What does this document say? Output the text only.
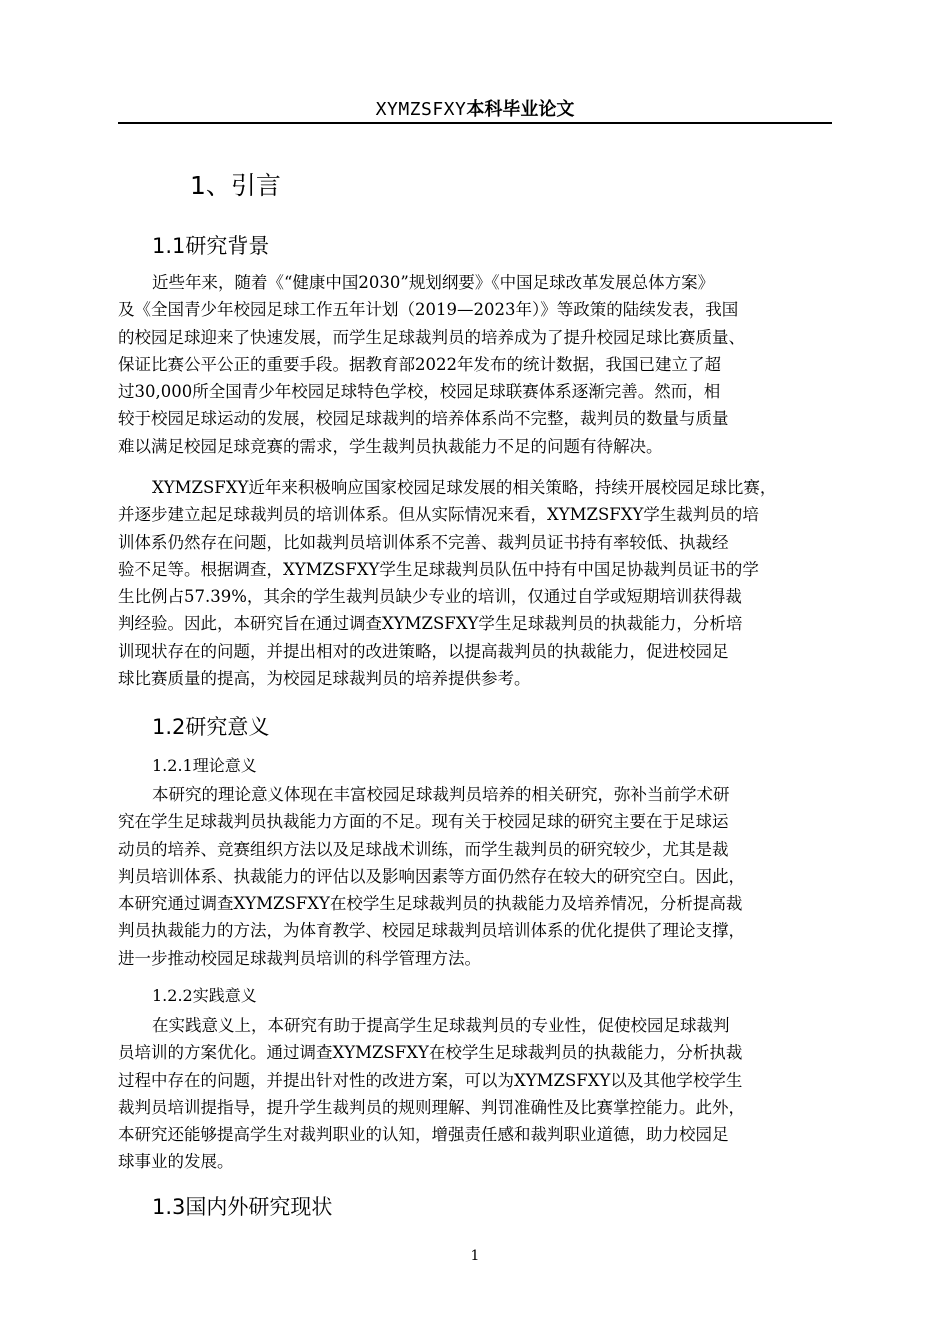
XYMZSFXY本科毕业论文
1、引言
1.1研究背景
近些年来，随着《“健康中国2030”规划纲要》《中国足球改革发展总体方案》
及《全国青少年校园足球工作五年计划（2019—2023年）》等政策的陆续发表，我国
的校园足球迎来了快速发展，而学生足球裁判员的培养成为了提升校园足球比赛质量、
保证比赛公平公正的重要手段。据教育部2022年发布的统计数据，我国已建立了超
过30,000所全国青少年校园足球特色学校，校园足球联赛体系逐渐完善。然而，相
较于校园足球运动的发展，校园足球裁判的培养体系尚不完整，裁判员的数量与质量
难以满足校园足球竞赛的需求，学生裁判员执裁能力不足的问题有待解决。
XYMZSFXY近年来积极响应国家校园足球发展的相关策略，持续开展校园足球比赛，
并逐步建立起足球裁判员的培训体系。但从实际情况来看，XYMZSFXY学生裁判员的培
训体系仍然存在问题，比如裁判员培训体系不完善、裁判员证书持有率较低、执裁经
验不足等。根据调查，XYMZSFXY学生足球裁判员队伍中持有中国足协裁判员证书的学
生比例占57.39%，其余的学生裁判员缺少专业的培训，仅通过自学或短期培训获得裁
判经验。因此，本研究旨在通过调查XYMZSFXY学生足球裁判员的执裁能力，分析培
训现状存在的问题，并提出相对的改进策略，以提高裁判员的执裁能力，促进校园足
球比赛质量的提高，为校园足球裁判员的培养提供参考。
1.2研究意义
1.2.1理论意义
本研究的理论意义体现在丰富校园足球裁判员培养的相关研究，弥补当前学术研
究在学生足球裁判员执裁能力方面的不足。现有关于校园足球的研究主要在于足球运
动员的培养、竞赛组织方法以及足球战术训练，而学生裁判员的研究较少，尤其是裁
判员培训体系、执裁能力的评估以及影响因素等方面仍然存在较大的研究空白。因此，
本研究通过调查XYMZSFXY在校学生足球裁判员的执裁能力及培养情况，分析提高裁
判员执裁能力的方法，为体育教学、校园足球裁判员培训体系的优化提供了理论支撑，
进一步推动校园足球裁判员培训的科学管理方法。
1.2.2实践意义
在实践意义上，本研究有助于提高学生足球裁判员的专业性，促使校园足球裁判
员培训的方案优化。通过调查XYMZSFXY在校学生足球裁判员的执裁能力，分析执裁
过程中存在的问题，并提出针对性的改进方案，可以为XYMZSFXY以及其他学校学生
裁判员培训提指导，提升学生裁判员的规则理解、判罚准确性及比赛掌控能力。此外，
本研究还能够提高学生对裁判职业的认知，增强责任感和裁判职业道德，助力校园足
球事业的发展。
1.3国内外研究现状
1
